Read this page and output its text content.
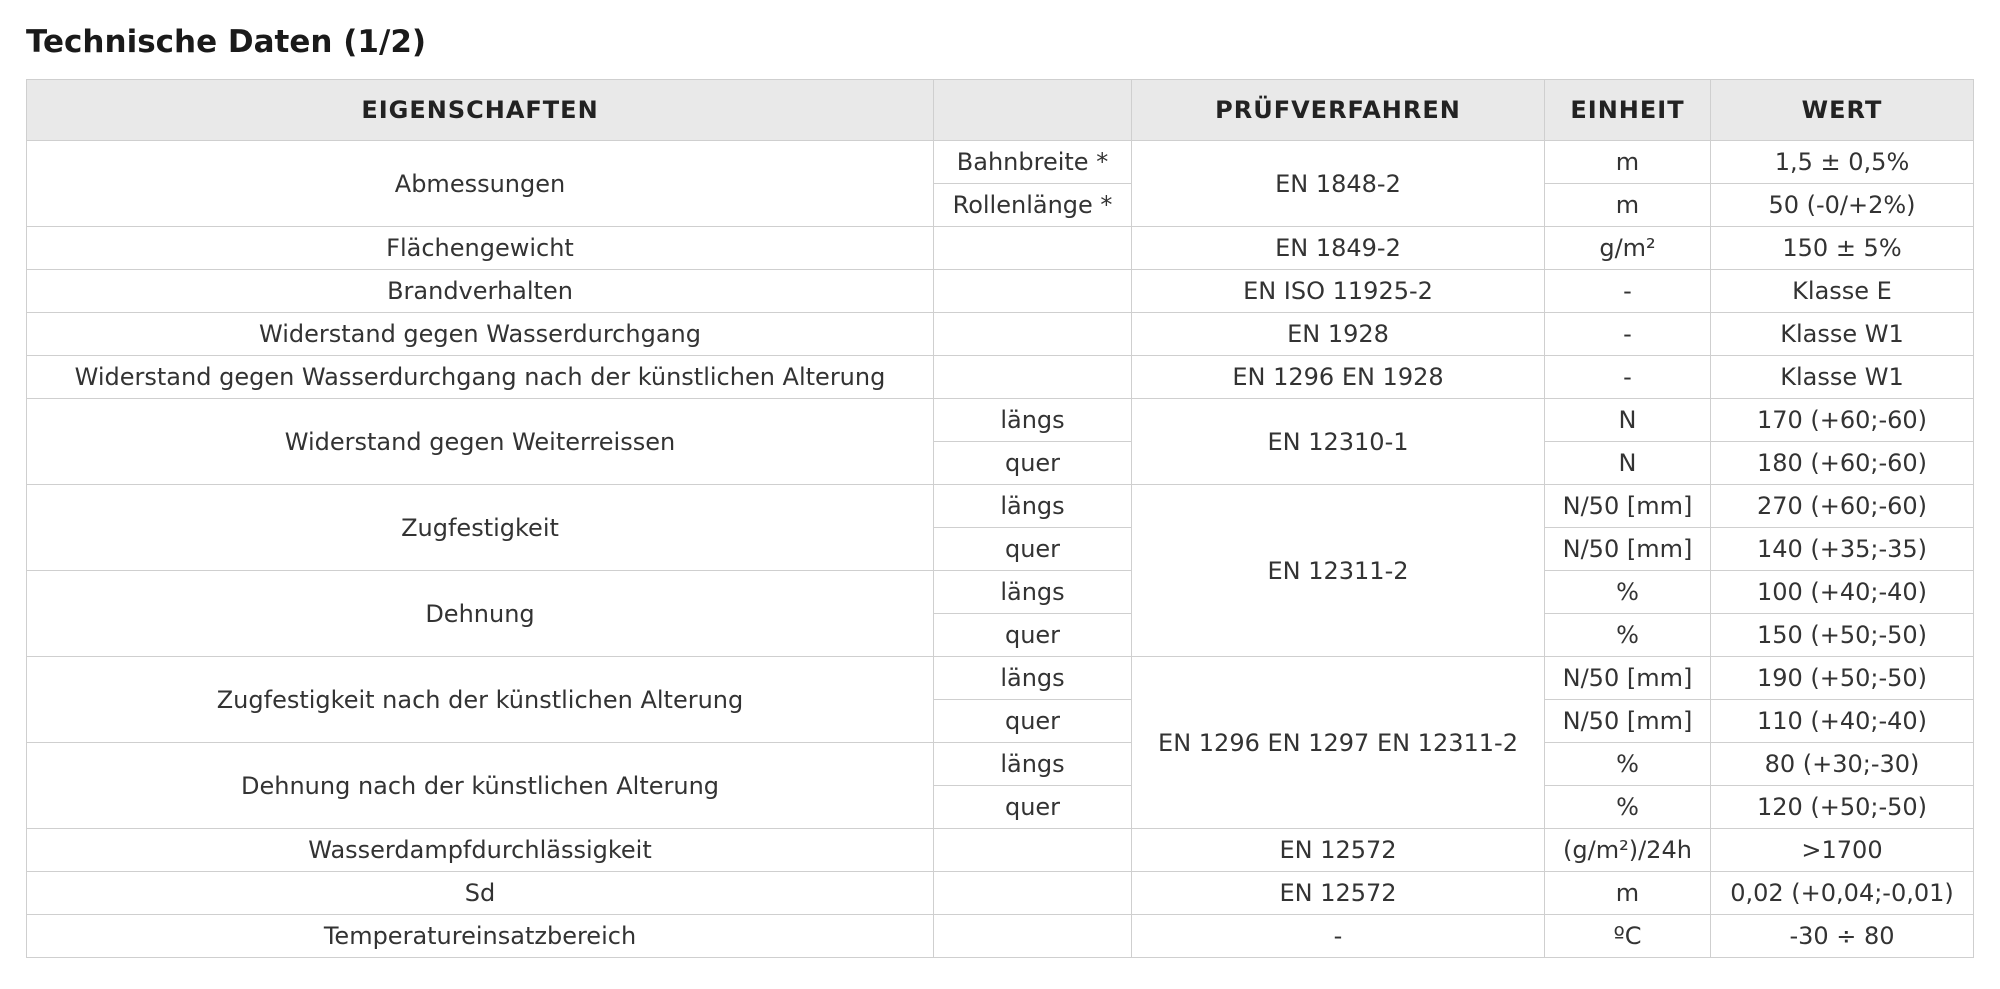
Technische Daten (1/2)
EIGENSCHAFTEN		PRÜFVERFAHREN	EINHEIT	WERT
Abmessungen	Bahnbreite *	EN 1848-2	m	1,5 ± 0,5%
	Rollenlänge *		m	50 (-0/+2%)
Flächengewicht		EN 1849-2	g/m²	150 ± 5%
Brandverhalten		EN ISO 11925-2	-	Klasse E
Widerstand gegen Wasserdurchgang		EN 1928	-	Klasse W1
Widerstand gegen Wasserdurchgang nach der künstlichen Alterung		EN 1296 EN 1928	-	Klasse W1
Widerstand gegen Weiterreissen	längs	EN 12310-1	N	170 (+60;-60)
	quer		N	180 (+60;-60)
Zugfestigkeit	längs	EN 12311-2	N/50 [mm]	270 (+60;-60)
	quer		N/50 [mm]	140 (+35;-35)
Dehnung	längs		%	100 (+40;-40)
	quer		%	150 (+50;-50)
Zugfestigkeit nach der künstlichen Alterung	längs	EN 1296 EN 1297 EN 12311-2	N/50 [mm]	190 (+50;-50)
	quer		N/50 [mm]	110 (+40;-40)
Dehnung nach der künstlichen Alterung	längs		%	80 (+30;-30)
	quer		%	120 (+50;-50)
Wasserdampfdurchlässigkeit		EN 12572	(g/m²)/24h	>1700
Sd		EN 12572	m	0,02 (+0,04;-0,01)
Temperatureinsatzbereich		-	ºC	-30 ÷ 80
